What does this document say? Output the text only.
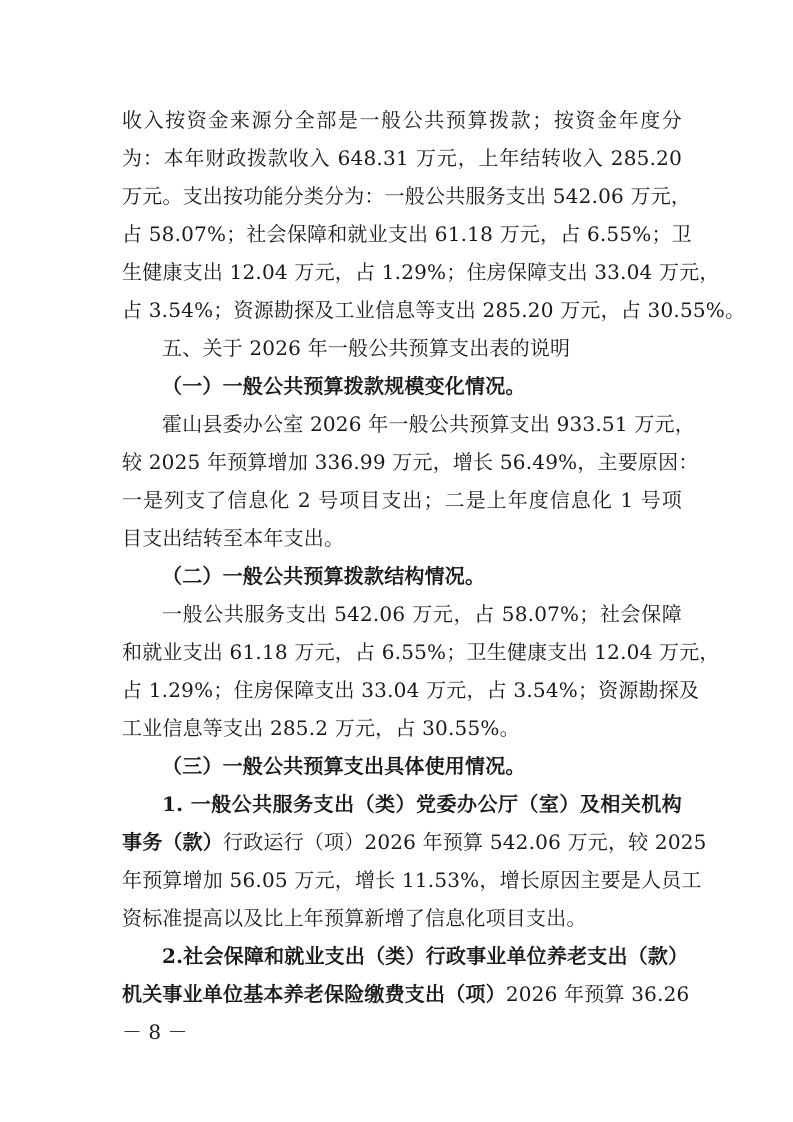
收入按资金来源分全部是一般公共预算拨款；按资金年度分
为：本年财政拨款收入 648.31 万元，上年结转收入 285.20
万元。支出按功能分类分为：一般公共服务支出 542.06 万元，
占 58.07%；社会保障和就业支出 61.18 万元，占 6.55%；卫
生健康支出 12.04 万元，占 1.29%；住房保障支出 33.04 万元，
占 3.54%；资源勘探及工业信息等支出 285.20 万元，占 30.55%。
五、关于 2026 年一般公共预算支出表的说明
（一）一般公共预算拨款规模变化情况。
霍山县委办公室 2026 年一般公共预算支出 933.51 万元，
较 2025 年预算增加 336.99 万元，增长 56.49%，主要原因：
一是列支了信息化 2 号项目支出；二是上年度信息化 1 号项
目支出结转至本年支出。
（二）一般公共预算拨款结构情况。
一般公共服务支出 542.06 万元，占 58.07%；社会保障
和就业支出 61.18 万元，占 6.55%；卫生健康支出 12.04 万元，
占 1.29%；住房保障支出 33.04 万元，占 3.54%；资源勘探及
工业信息等支出 285.2 万元，占 30.55%。
（三）一般公共预算支出具体使用情况。
1. 一般公共服务支出（类）党委办公厅（室）及相关机构
事务（款）行政运行（项）2026 年预算 542.06 万元，较 2025
年预算增加 56.05 万元，增长 11.53%，增长原因主要是人员工
资标准提高以及比上年预算新增了信息化项目支出。
2.社会保障和就业支出（类）行政事业单位养老支出（款）
机关事业单位基本养老保险缴费支出（项）2026 年预算 36.26
－ 8 －
